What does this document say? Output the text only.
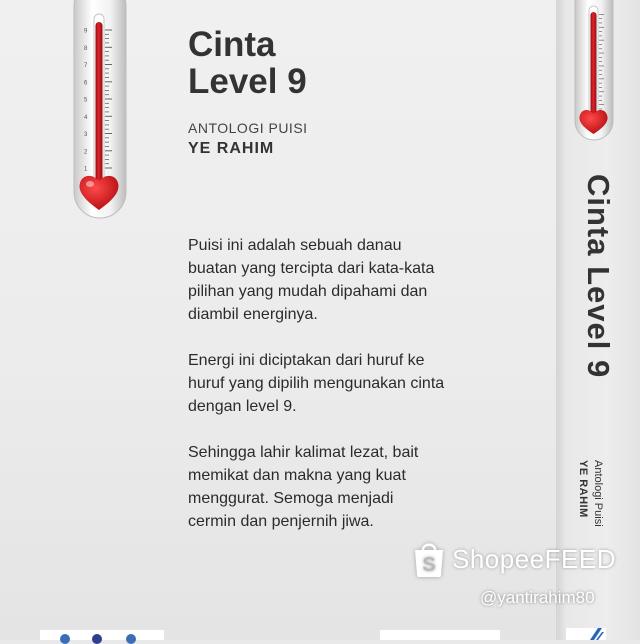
9
8
7
6
5
4
3
2
1
Cinta
Level 9
ANTOLOGI PUISI
YE RAHIM

Puisi ini adalah sebuah danau
buatan yang tercipta dari kata-kata
pilihan yang mudah dipahami dan
diambil energinya.

Energi ini diciptakan dari huruf ke
huruf yang dipilih mengunakan cinta
dengan level 9.

Sehingga lahir kalimat lezat, bait
memikat dan makna yang kuat
menggurat. Semoga menjadi
cermin dan penjernih jiwa.

Cinta Level 9
Antologi Puisi
YE RAHIM
S ShopeeFEED
@yantirahim80
